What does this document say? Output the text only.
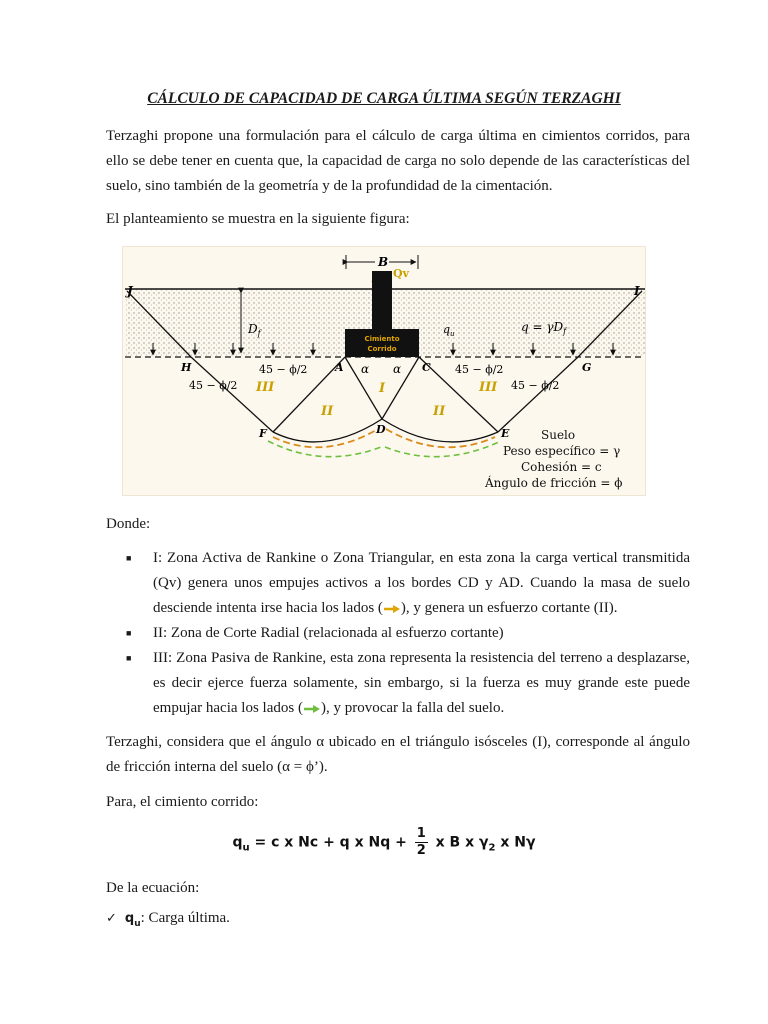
CÁLCULO DE CAPACIDAD DE CARGA ÚLTIMA SEGÚN TERZAGHI
Terzaghi propone una formulación para el cálculo de carga última en cimientos corridos, para ello se debe tener en cuenta que, la capacidad de carga no solo depende de las características del suelo, sino también de la geometría y de la profundidad de la cimentación.
El planteamiento se muestra en la siguiente figura:
B
Qv
Cimiento
Corrido
J	I
$D_f$	$q_u$	$q = \gamma D_f$
H	G
A	C
F	D	E
α α
45 − ϕ/2	45 − ϕ/2
45 − ϕ/2	45 − ϕ/2
I
II	II
III	III
Suelo
Peso específico = γ
Cohesión = c
Ángulo de fricción = ϕ
Donde:
■ I: Zona Activa de Rankine o Zona Triangular, en esta zona la carga vertical transmitida (Qv) genera unos empujes activos a los bordes CD y AD. Cuando la masa de suelo desciende intenta irse hacia los lados ( ), y genera un esfuerzo cortante (II).
■ II: Zona de Corte Radial (relacionada al esfuerzo cortante)
■ III: Zona Pasiva de Rankine, esta zona representa la resistencia del terreno a desplazarse, es decir ejerce fuerza solamente, sin embargo, si la fuerza es muy grande este puede empujar hacia los lados ( ), y provocar la falla del suelo.
Terzaghi, considera que el ángulo α ubicado en el triángulo isósceles (I), corresponde al ángulo de fricción interna del suelo (α = ϕ’).
Para, el cimiento corrido:
$q_u = c$ x Nc + q x $Nq + \frac{1}{2}$ x B x $\gamma_2$ x Nγ
De la ecuación:
✓ $q_u$: Carga última.
